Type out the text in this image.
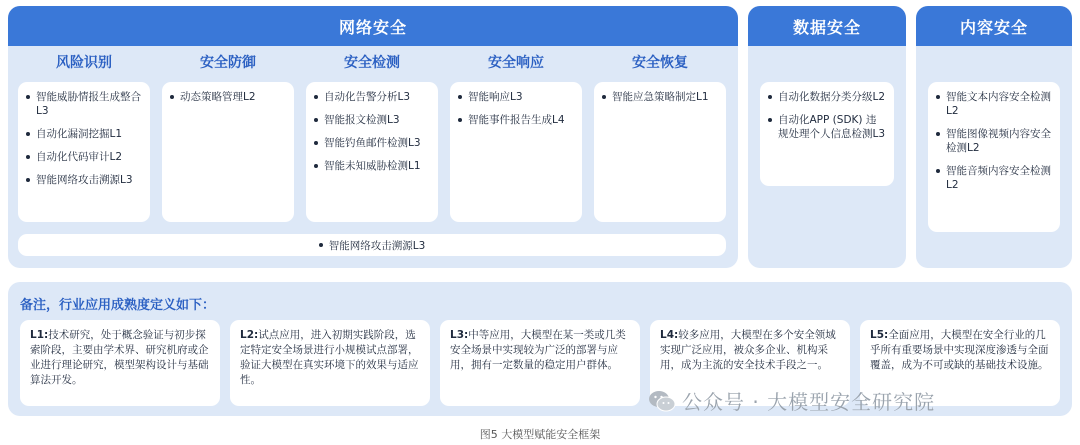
网络安全
风险识别	安全防御	安全检测	安全响应	安全恢复
智能威胁情报生成整合L3
自动化漏洞挖掘L1
自动化代码审计L2
智能网络攻击溯源L3
动态策略管理L2	自动化告警分析L3
智能报文检测L3
智能钓鱼邮件检测L3
智能未知威胁检测L1
智能响应L3
智能事件报告生成L4
智能应急策略制定L1
智能网络攻击溯源L3
数据安全
自动化数据分类分级L2
自动化APP (SDK) 违规处理个人信息检测L3
内容安全
智能文本内容安全检测L2
智能图像视频内容安全检测L2
智能音频内容安全检测L2
备注，行业应用成熟度定义如下：
L1:技术研究，处于概念验证与初步探索阶段，主要由学术界、研究机府或企业进行理论研究，模型架构设计与基础算法开发。
L2:试点应用，进入初期实践阶段，选定特定安全场景进行小规模试点部署，验证大模型在真实环境下的效果与适应性。
L3:中等应用，大模型在某一类或几类安全场景中实现较为广泛的部署与应用，拥有一定数量的稳定用户群体。
L4:较多应用，大模型在多个安全领域实现广泛应用，被众多企业、机构采用，成为主流的安全技术手段之一。
L5:全面应用，大模型在安全行业的几乎所有重要场景中实现深度渗透与全面覆盖，成为不可或缺的基础技术设施。
公众号 · 大模型安全研究院
图5 大模型赋能安全框架
